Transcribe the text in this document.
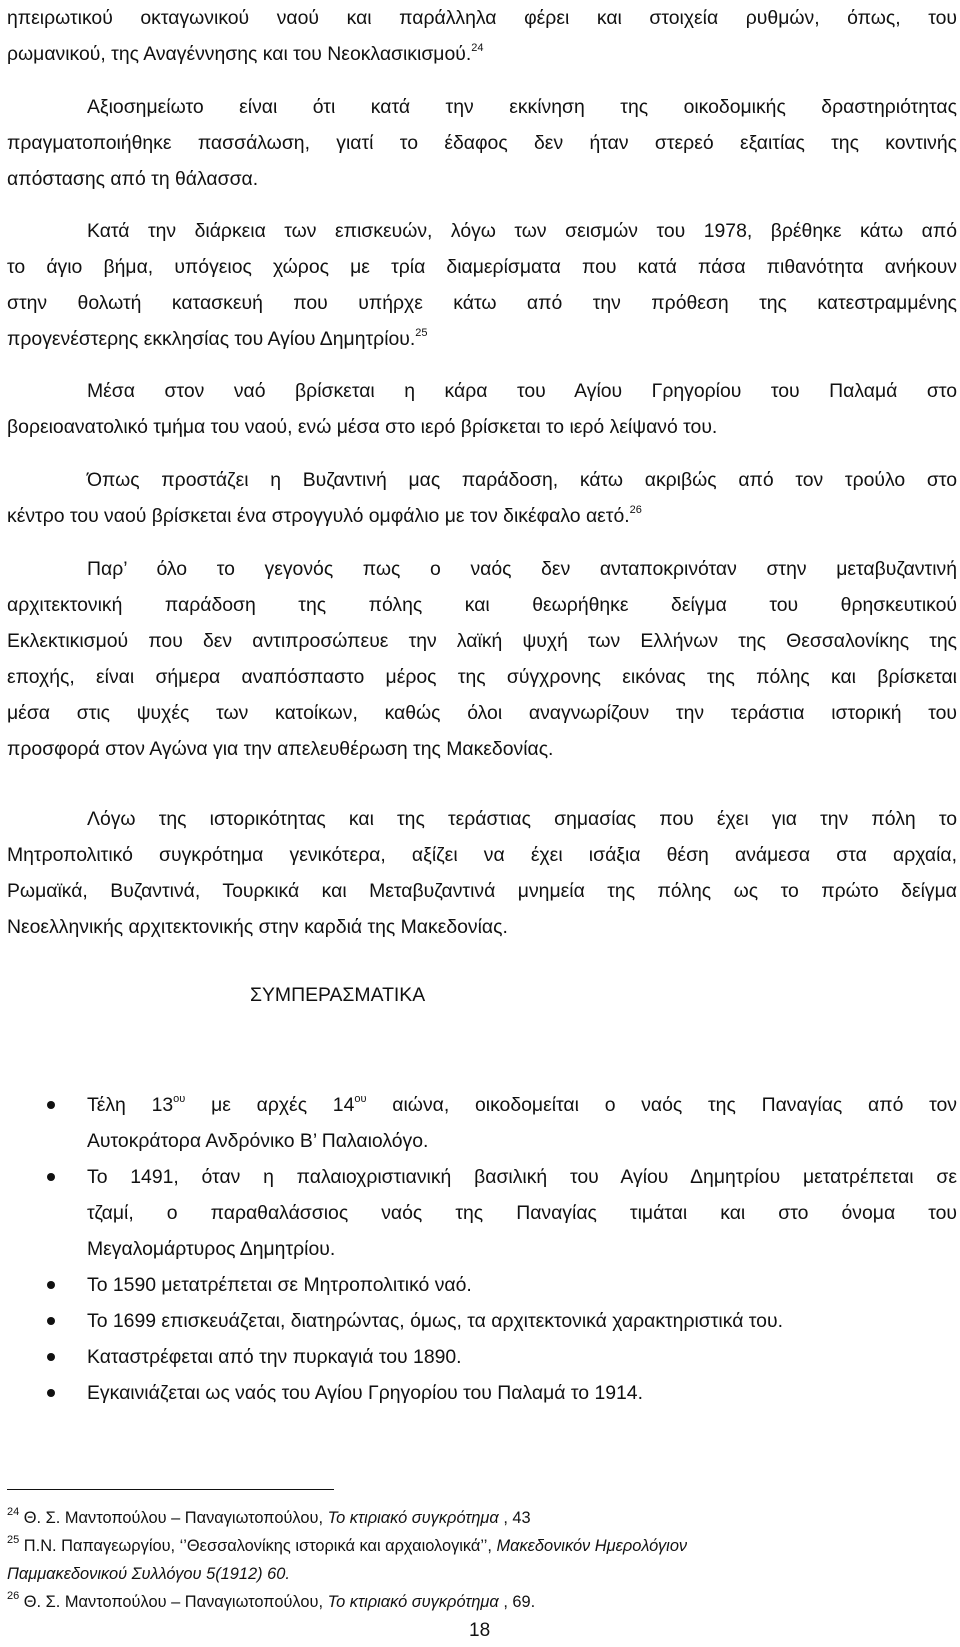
ηπειρωτικού οκταγωνικού ναού και παράλληλα φέρει και στοιχεία ρυθμών, όπως, του
ρωμανικού, της Αναγέννησης και του Νεοκλασικισμού.$^{24}$
Αξιοσημείωτο είναι ότι κατά την εκκίνηση της οικοδομικής δραστηριότητας
πραγματοποιήθηκε πασσάλωση, γιατί το έδαφος δεν ήταν στερεό εξαιτίας της κοντινής
απόστασης από τη θάλασσα.
Κατά την διάρκεια των επισκευών, λόγω των σεισμών του 1978, βρέθηκε κάτω από
το άγιο βήμα, υπόγειος χώρος με τρία διαμερίσματα που κατά πάσα πιθανότητα ανήκουν
στην θολωτή κατασκευή που υπήρχε κάτω από την πρόθεση της κατεστραμμένης
προγενέστερης εκκλησίας του Αγίου Δημητρίου.$^{25}$
Μέσα στον ναό βρίσκεται η κάρα του Αγίου Γρηγορίου του Παλαμά στο
βορειοανατολικό τμήμα του ναού, ενώ μέσα στο ιερό βρίσκεται το ιερό λείψανό του.
Όπως προστάζει η Βυζαντινή μας παράδοση, κάτω ακριβώς από τον τρούλο στο
κέντρο του ναού βρίσκεται ένα στρογγυλό ομφάλιο με τον δικέφαλο αετό.$^{26}$
Παρ’ όλο το γεγονός πως ο ναός δεν ανταποκρινόταν στην μεταβυζαντινή
αρχιτεκτονική παράδοση της πόλης και θεωρήθηκε δείγμα του θρησκευτικού
Εκλεκτικισμού που δεν αντιπροσώπευε την λαϊκή ψυχή των Ελλήνων της Θεσσαλονίκης της
εποχής, είναι σήμερα αναπόσπαστο μέρος της σύγχρονης εικόνας της πόλης και βρίσκεται
μέσα στις ψυχές των κατοίκων, καθώς όλοι αναγνωρίζουν την τεράστια ιστορική του
προσφορά στον Αγώνα για την απελευθέρωση της Μακεδονίας.
Λόγω της ιστορικότητας και της τεράστιας σημασίας που έχει για την πόλη το
Μητροπολιτικό συγκρότημα γενικότερα, αξίζει να έχει ισάξια θέση ανάμεσα στα αρχαία,
Ρωμαϊκά, Βυζαντινά, Τουρκικά και Μεταβυζαντινά μνημεία της πόλης ως το πρώτο δείγμα
Νεοελληνικής αρχιτεκτονικής στην καρδιά της Μακεδονίας.

ΣΥΜΠΕΡΑΣΜΑΤΙΚΑ

Τέλη $13^{o\upsilon}$ με αρχές $14^{o\upsilon}$ αιώνα, οικοδομείται ο ναός της Παναγίας από τον
Αυτοκράτορα Ανδρόνικο Β’ Παλαιολόγο.
Το 1491, όταν η παλαιοχριστιανική βασιλική του Αγίου Δημητρίου μετατρέπεται σε
τζαμί, ο παραθαλάσσιος ναός της Παναγίας τιμάται και στο όνομα του
Μεγαλομάρτυρος Δημητρίου.
Το 1590 μετατρέπεται σε Μητροπολιτικό ναό.
Το 1699 επισκευάζεται, διατηρώντας, όμως, τα αρχιτεκτονικά χαρακτηριστικά του.
Καταστρέφεται από την πυρκαγιά του 1890.
Εγκαινιάζεται ως ναός του Αγίου Γρηγορίου του Παλαμά το 1914.

$^{24}$ Θ. Σ. Μαντοπούλου – Παναγιωτοπούλου, Το κτιριακό συγκρότημα , 43

$^{25}$ Π.Ν. Παπαγεωργίου, ‘’Θεσσαλονίκης ιστορικά και αρχαιολογικά’’, Μακεδονικόν Ημερολόγιον

Παμμακεδονικού Συλλόγου 5(1912) 60.

$^{26}$ Θ. Σ. Μαντοπούλου – Παναγιωτοπούλου, Το κτιριακό συγκρότημα , 69.

18
